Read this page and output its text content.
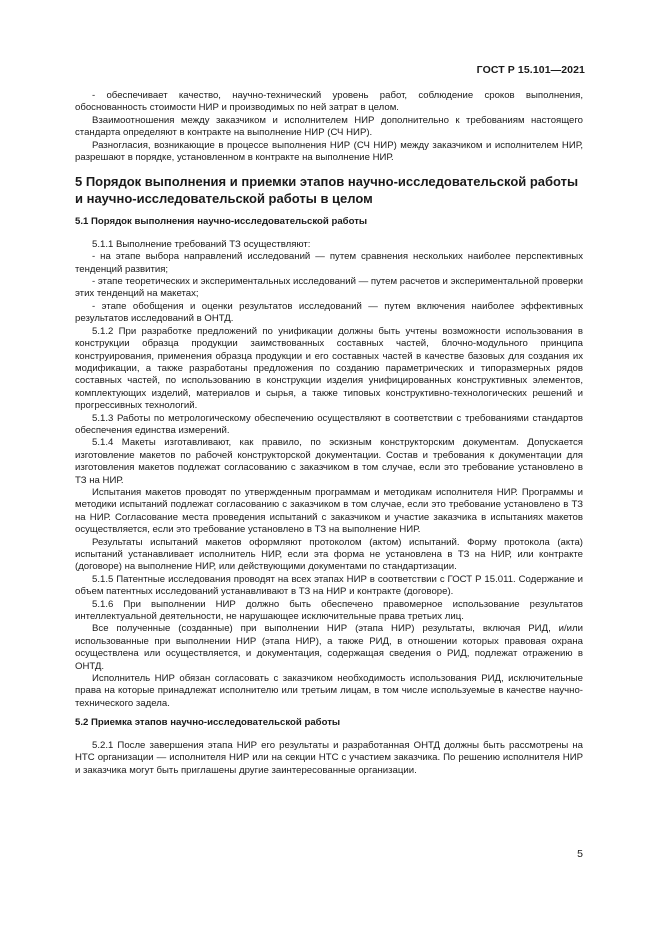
ГОСТ Р 15.101—2021

- обеспечивает качество, научно-технический уровень работ, соблюдение сроков выполнения, обоснованность стоимости НИР и производимых по ней затрат в целом.

Взаимоотношения между заказчиком и исполнителем НИР дополнительно к требованиям настоящего стандарта определяют в контракте на выполнение НИР (СЧ НИР).

Разногласия, возникающие в процессе выполнения НИР (СЧ НИР) между заказчиком и исполнителем НИР, разрешают в порядке, установленном в контракте на выполнение НИР.

5 Порядок выполнения и приемки этапов научно-исследовательской работы и научно-исследовательской работы в целом

5.1 Порядок выполнения научно-исследовательской работы

5.1.1 Выполнение требований ТЗ осуществляют:

- на этапе выбора направлений исследований — путем сравнения нескольких наиболее перспективных тенденций развития;

- этапе теоретических и экспериментальных исследований — путем расчетов и экспериментальной проверки этих тенденций на макетах;

- этапе обобщения и оценки результатов исследований — путем включения наиболее эффективных результатов исследований в ОНТД.

5.1.2 При разработке предложений по унификации должны быть учтены возможности использования в конструкции образца продукции заимствованных составных частей, блочно-модульного принципа конструирования, применения образца продукции и его составных частей в качестве базовых для создания их модификации, а также разработаны предложения по созданию параметрических и типоразмерных рядов составных частей, по использованию в конструкции изделия унифицированных конструктивных элементов, комплектующих изделий, материалов и сырья, а также типовых конструктивно-технологических решений и прогрессивных технологий.

5.1.3 Работы по метрологическому обеспечению осуществляют в соответствии с требованиями стандартов обеспечения единства измерений.

5.1.4 Макеты изготавливают, как правило, по эскизным конструкторским документам. Допускается изготовление макетов по рабочей конструкторской документации. Состав и требования к документации для изготовления макетов подлежат согласованию с заказчиком в том случае, если это требование установлено в ТЗ на НИР.

Испытания макетов проводят по утвержденным программам и методикам исполнителя НИР. Программы и методики испытаний подлежат согласованию с заказчиком в том случае, если это требование установлено в ТЗ на НИР. Согласование места проведения испытаний с заказчиком и участие заказчика в испытаниях макетов осуществляется, если это требование установлено в ТЗ на выполнение НИР.

Результаты испытаний макетов оформляют протоколом (актом) испытаний. Форму протокола (акта) испытаний устанавливает исполнитель НИР, если эта форма не установлена в ТЗ на НИР, или контракте (договоре) на выполнение НИР, или действующими документами по стандартизации.

5.1.5 Патентные исследования проводят на всех этапах НИР в соответствии с ГОСТ Р 15.011. Содержание и объем патентных исследований устанавливают в ТЗ на НИР и контракте (договоре).

5.1.6 При выполнении НИР должно быть обеспечено правомерное использование результатов интеллектуальной деятельности, не нарушающее исключительные права третьих лиц.

Все полученные (созданные) при выполнении НИР (этапа НИР) результаты, включая РИД, и/или использованные при выполнении НИР (этапа НИР), а также РИД, в отношении которых правовая охрана осуществлена или осуществляется, и документация, содержащая сведения о РИД, подлежат отражению в ОНТД.

Исполнитель НИР обязан согласовать с заказчиком необходимость использования РИД, исключительные права на которые принадлежат исполнителю или третьим лицам, в том числе используемые в качестве научно-технического задела.

5.2 Приемка этапов научно-исследовательской работы

5.2.1 После завершения этапа НИР его результаты и разработанная ОНТД должны быть рассмотрены на НТС организации — исполнителя НИР или на секции НТС с участием заказчика. По решению исполнителя НИР и заказчика могут быть приглашены другие заинтересованные организации.

5
